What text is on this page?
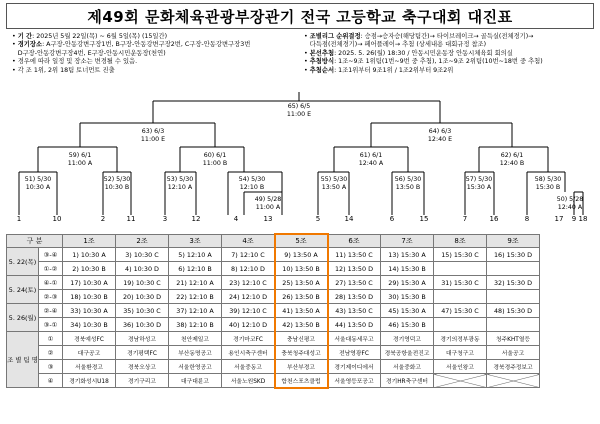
제49회 문화체육관광부장관기 전국 고등학교 축구대회 대진표
• 기 간: 2025년 5월 22일(목) ~ 6월 5일(목) (15일간)
• 경기장소: A구장-안동강변구장1번, B구장-안동강변구장2번, C구장-안동강변구장3번
D구장-안동강변구장4번, E구장-안동시민운동장(천연)
• 경우에 따라 일정 및 장소는 변경될 수 있음.
• 각 조 1위, 2위 18팀 토너먼트 진출
• 조별리그 순위결정: 승점→승자승(해당팀간)→ 타이브레이크→ 골득실(전체경기)→
다득점(전체경기)→ 페어플레이→ 추첨 (상세내용 대회규정 참조)
• 본선추첨: 2025. 5. 26(월) 18:30 / 안동시민운동장 안동시체육회 회의실
• 추첨방식: 1조~9조 1위팀(1번~9번 중 추첨), 1조~9조 2위팀(10번~18번 중 추첨)
• 추첨순서: 1조1위부터 9조1위 / 1조2위부터 9조2위
65) 6/5
11:00 E
63) 6/3
11:00 E
64) 6/3
12:40 E
59) 6/1
11:00 A
60) 6/1
11:00 B
61) 6/1
12:40 A
62) 6/1
12:40 B
51) 5/30
10:30 A
52) 5/30
10:30 B
53) 5/30
12:10 A
54) 5/30
12:10 B
55) 5/30
13:50 A
56) 5/30
13:50 B
57) 5/30
15:30 A
58) 5/30
15:30 B
49) 5/28
11:00 A
50) 5/28
12:40 A
1	10	2	11	3	12	4	13	5	14	6	15	7	16	8	17 9 18
구 분		1조	2조	3조	4조	5조	6조	7조	8조	9조
5. 22(목)	③-④	1) 10:30 A	3) 10:30 C	5) 12:10 A	7) 12:10 C	9) 13:50 A	11) 13:50 C	13) 15:30 A	15) 15:30 C	16) 15:30 D
	①-②	2) 10:30 B	4) 10:30 D	6) 12:10 B	8) 12:10 D	10) 13:50 B	12) 13:50 D	14) 15:30 B		
5. 24(토)	④-①	17) 10:30 A	19) 10:30 C	21) 12:10 A	23) 12:10 C	25) 13:50 A	27) 13:50 C	29) 15:30 A	31) 15:30 C	32) 15:30 D
	②-③	18) 10:30 B	20) 10:30 D	22) 12:10 B	24) 12:10 D	26) 13:50 B	28) 13:50 D	30) 15:30 B		
5. 26(월)	②-④	33) 10:30 A	35) 10:30 C	37) 12:10 A	39) 12:10 C	41) 13:50 A	43) 13:50 C	45) 15:30 A	47) 15:30 C	48) 15:30 D
	③-①	34) 10:30 B	36) 10:30 D	38) 12:10 B	40) 12:10 D	42) 13:50 B	44) 13:50 D	46) 15:30 B		
조 별 팀 명	①	경북예성FC	경남하성고	천안제일고	경기마코FC	충남신평고	서울대동세무고	경기영덕고	경기의정부광동	청주KHT열등
	②	대구공고	경기평택FC	부산동명공고	용인시축구센터	충북청주대성고	전남영광FC	경북공항울전진고	대구청구고	서울공고
	③	서울환경고	경북오상고	서울한영공고	서울중동고	부산부경고	경기제이디에서	서울중화고	서울인왕고	경북경주정보고
	④	경기화성시U18	경기구리고	대구대륜고	서울노원SKD	합천스포츠클럽	서울영등포공고	경기HR축구센터		
